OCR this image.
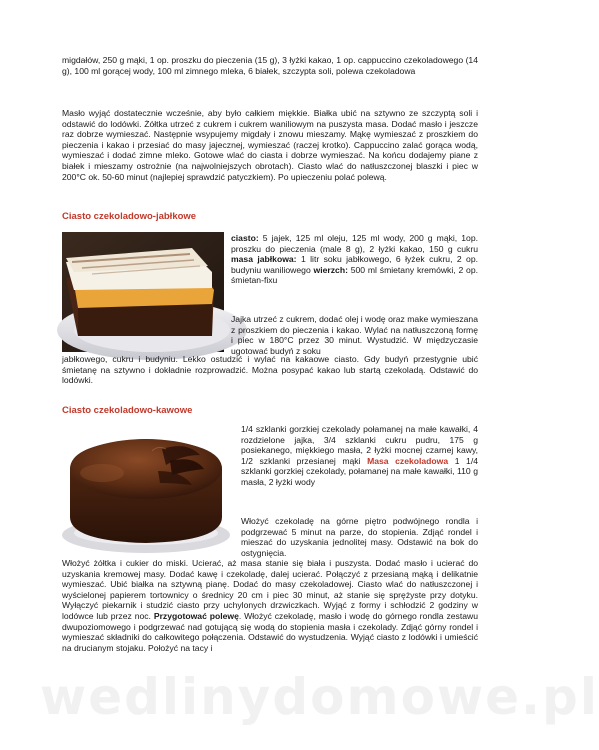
migdałów, 250 g mąki, 1 op. proszku do pieczenia (15 g), 3 łyżki kakao, 1 op. cappuccino czekoladowego (14 g), 100 ml gorącej wody, 100 ml zimnego mleka, 6 białek, szczypta soli, polewa czekoladowa

Masło wyjąć dostatecznie wcześnie, aby było całkiem miękkie. Białka ubić na sztywno ze szczyptą soli i odstawić do lodówki. Żółtka utrzeć z cukrem i cukrem waniliowym na puszysta masa. Dodać masło i jeszcze raz dobrze wymieszać. Następnie wsypujemy migdały i znowu mieszamy. Mąkę wymieszać z proszkiem do pieczenia i kakao i przesiać do masy jajecznej, wymieszać (raczej krotko). Cappuccino zalać gorąca wodą, wymieszać i dodać zimne mleko. Gotowe wlać do ciasta i dobrze wymieszać. Na końcu dodajemy piane z białek i mieszamy ostrożnie (na najwolniejszych obrotach). Ciasto wlać do natłuszczonej blaszki i piec w 200°C ok. 50-60 minut (najlepiej sprawdzić patyczkiem). Po upieczeniu polać polewą.

Ciasto czekoladowo-jabłkowe

ciasto: 5 jajek, 125 ml oleju, 125 ml wody, 200 g mąki, 1op. proszku do pieczenia (male 8 g), 2 łyżki kakao, 150 g cukru masa jabłkowa: 1 litr soku jabłkowego, 6 łyżek cukru, 2 op. budyniu waniliowego wierzch: 500 ml śmietany kremówki, 2 op. śmietan-fixu

Jajka utrzeć z cukrem, dodać olej i wodę oraz make wymieszana z proszkiem do pieczenia i kakao. Wylać na natłuszczoną formę i piec w 180°C przez 30 minut. Wystudzić. W międzyczasie ugotować budyń z soku

jabłkowego, cukru i budyniu. Lekko ostudzić i wylać na kakaowe ciasto. Gdy budyń przestygnie ubić śmietanę na sztywno i dokładnie rozprowadzić. Można posypać kakao lub startą czekoladą. Odstawić do lodówki.

Ciasto czekoladowo-kawowe

1/4 szklanki gorzkiej czekolady połamanej na małe kawałki, 4 rozdzielone jajka, 3/4 szklanki cukru pudru, 175 g posiekanego, miękkiego masła, 2 łyżki mocnej czarnej kawy, 1/2 szklanki przesianej mąki Masa czekoladowa 1 1/4 szklanki gorzkiej czekolady, połamanej na małe kawałki, 110 g masła, 2 łyżki wody

Włożyć czekoladę na górne piętro podwójnego rondla i podgrzewać 5 minut na parze, do stopienia. Zdjąć rondel i mieszać do uzyskania jednolitej masy. Odstawić na bok do ostygnięcia.

Włożyć żółtka i cukier do miski. Ucierać, aż masa stanie się biała i puszysta. Dodać masło i ucierać do uzyskania kremowej masy. Dodać kawę i czekoladę, dalej ucierać. Połączyć z przesianą mąką i delikatnie wymieszać. Ubić białka na sztywną pianę. Dodać do masy czekoladowej. Ciasto wlać do natłuszczonej i wyścielonej papierem tortownicy o średnicy 20 cm i piec 30 minut, aż stanie się sprężyste przy dotyku. Wyłączyć piekarnik i studzić ciasto przy uchylonych drzwiczkach. Wyjąć z formy i schłodzić 2 godziny w lodówce lub przez noc. Przygotować polewę. Włożyć czekoladę, masło i wodę do górnego rondla zestawu dwupoziomowego i podgrzewać nad gotującą się wodą do stopienia masła i czekolady. Zdjąć górny rondel i wymieszać składniki do całkowitego połączenia. Odstawić do wystudzenia. Wyjąć ciasto z lodówki i umieścić na drucianym stojaku. Położyć na tacy i

wedlinydomowe.pl
